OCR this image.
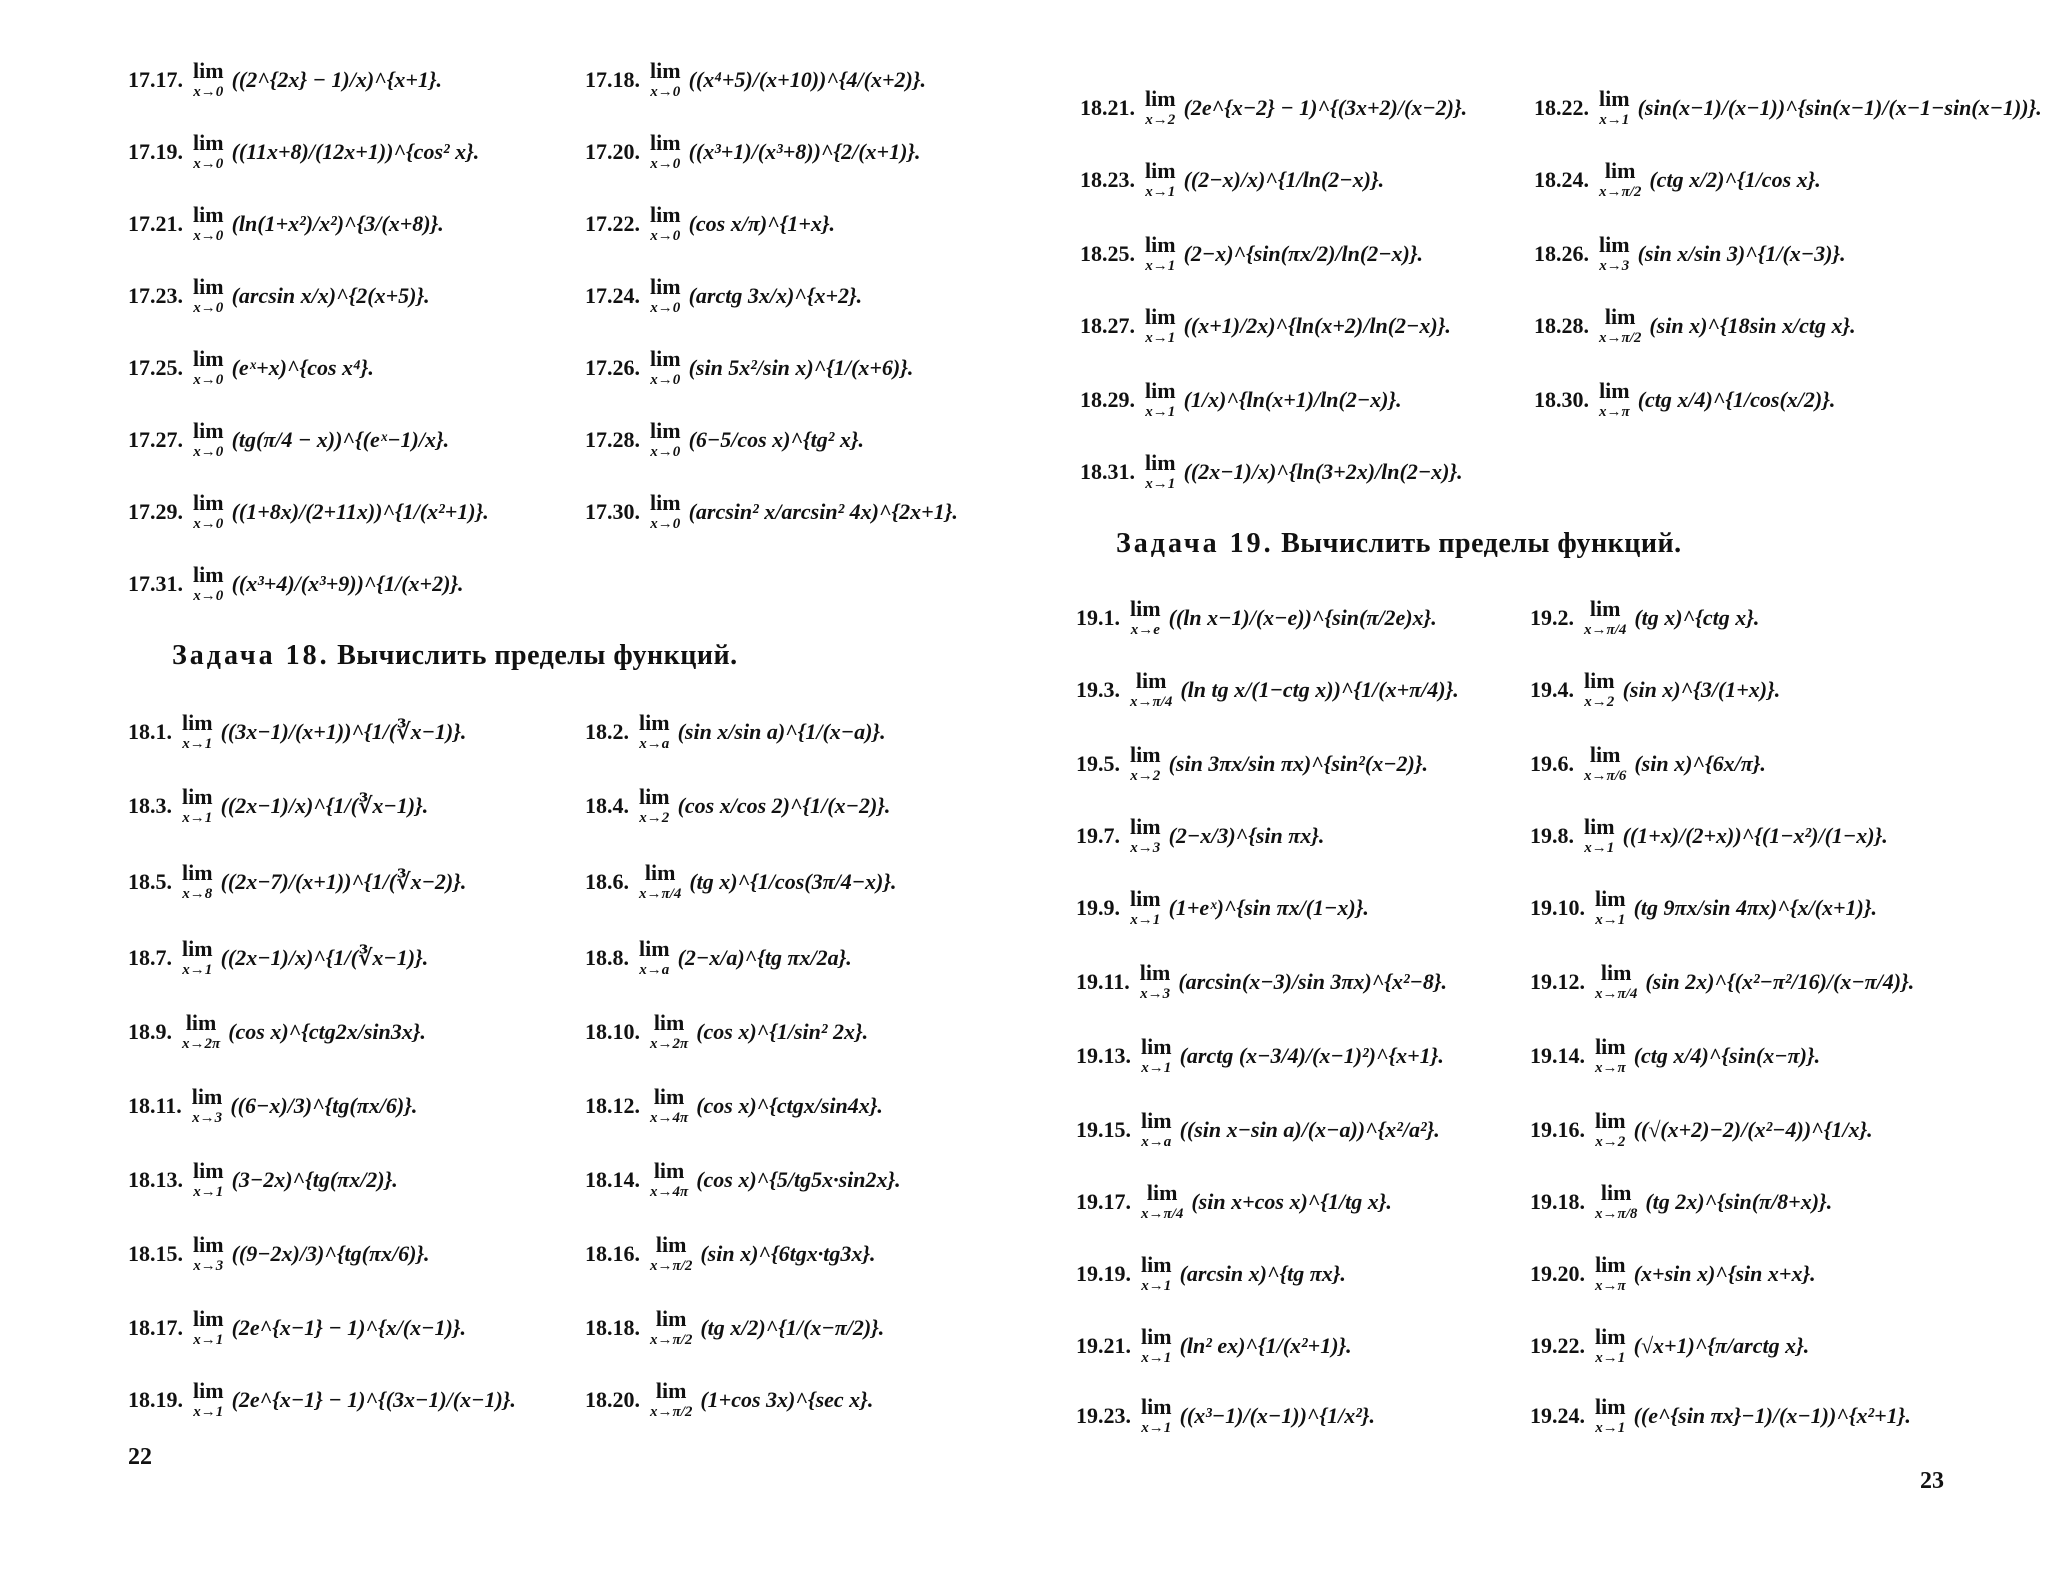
17.17. lim
x→0 ((2^{2x} − 1)/x)^{x+1}.	17.18. lim
x→0 ((x⁴+5)/(x+10))^{4/(x+2)}.
17.19. lim
x→0 ((11x+8)/(12x+1))^{cos² x}.	17.20. lim
x→0 ((x³+1)/(x³+8))^{2/(x+1)}.
17.21. lim
x→0 (ln(1+x²)/x²)^{3/(x+8)}.	17.22. lim
x→0 (cos x/π)^{1+x}.
17.23. lim
x→0 (arcsin x/x)^{2(x+5)}.	17.24. lim
x→0 (arctg 3x/x)^{x+2}.
17.25. lim
x→0 (eˣ+x)^{cos x⁴}.	17.26. lim
x→0 (sin 5x²/sin x)^{1/(x+6)}.
17.27. lim
x→0 (tg(π/4 − x))^{(eˣ−1)/x}.	17.28. lim
x→0 (6−5/cos x)^{tg² x}.
17.29. lim
x→0 ((1+8x)/(2+11x))^{1/(x²+1)}.	17.30. lim
x→0 (arcsin² x/arcsin² 4x)^{2x+1}.
17.31. lim
x→0 ((x³+4)/(x³+9))^{1/(x+2)}.
Задача 18. Вычислить пределы функций.
18.1. lim
x→1 ((3x−1)/(x+1))^{1/(∛x−1)}.	18.2. lim
x→a (sin x/sin a)^{1/(x−a)}.
18.3. lim
x→1 ((2x−1)/x)^{1/(∛x−1)}.	18.4. lim
x→2 (cos x/cos 2)^{1/(x−2)}.
18.5. lim
x→8 ((2x−7)/(x+1))^{1/(∛x−2)}.	18.6. lim
x→π/4 (tg x)^{1/cos(3π/4−x)}.
18.7. lim
x→1 ((2x−1)/x)^{1/(∛x−1)}.	18.8. lim
x→a (2−x/a)^{tg πx/2a}.
18.9. lim
x→2π (cos x)^{ctg2x/sin3x}.	18.10. lim
x→2π (cos x)^{1/sin² 2x}.
18.11. lim
x→3 ((6−x)/3)^{tg(πx/6)}.	18.12. lim
x→4π (cos x)^{ctgx/sin4x}.
18.13. lim
x→1 (3−2x)^{tg(πx/2)}.	18.14. lim
x→4π (cos x)^{5/tg5x·sin2x}.
18.15. lim
x→3 ((9−2x)/3)^{tg(πx/6)}.	18.16. lim
x→π/2 (sin x)^{6tgx·tg3x}.
18.17. lim
x→1 (2e^{x−1} − 1)^{x/(x−1)}.	18.18. lim
x→π/2 (tg x/2)^{1/(x−π/2)}.
18.19. lim
x→1 (2e^{x−1} − 1)^{(3x−1)/(x−1)}.	18.20. lim
x→π/2 (1+cos 3x)^{sec x}.
22
18.21. lim
x→2 (2e^{x−2} − 1)^{(3x+2)/(x−2)}.	18.22. lim
x→1 (sin(x−1)/(x−1))^{sin(x−1)/(x−1−sin(x−1))}.
18.23. lim
x→1 ((2−x)/x)^{1/ln(2−x)}.	18.24. lim
x→π/2 (ctg x/2)^{1/cos x}.
18.25. lim
x→1 (2−x)^{sin(πx/2)/ln(2−x)}.	18.26. lim
x→3 (sin x/sin 3)^{1/(x−3)}.
18.27. lim
x→1 ((x+1)/2x)^{ln(x+2)/ln(2−x)}.	18.28. lim
x→π/2 (sin x)^{18sin x/ctg x}.
18.29. lim
x→1 (1/x)^{ln(x+1)/ln(2−x)}.	18.30. lim
x→π (ctg x/4)^{1/cos(x/2)}.
18.31. lim
x→1 ((2x−1)/x)^{ln(3+2x)/ln(2−x)}.
Задача 19. Вычислить пределы функций.
19.1. lim
x→e ((ln x−1)/(x−e))^{sin(π/2e)x}.	19.2. lim
x→π/4 (tg x)^{ctg x}.
19.3. lim
x→π/4 (ln tg x/(1−ctg x))^{1/(x+π/4)}.	19.4. lim
x→2 (sin x)^{3/(1+x)}.
19.5. lim
x→2 (sin 3πx/sin πx)^{sin²(x−2)}.	19.6. lim
x→π/6 (sin x)^{6x/π}.
19.7. lim
x→3 (2−x/3)^{sin πx}.	19.8. lim
x→1 ((1+x)/(2+x))^{(1−x²)/(1−x)}.
19.9. lim
x→1 (1+eˣ)^{sin πx/(1−x)}.	19.10. lim
x→1 (tg 9πx/sin 4πx)^{x/(x+1)}.
19.11. lim
x→3 (arcsin(x−3)/sin 3πx)^{x²−8}.	19.12. lim
x→π/4 (sin 2x)^{(x²−π²/16)/(x−π/4)}.
19.13. lim
x→1 (arctg (x−3/4)/(x−1)²)^{x+1}.	19.14. lim
x→π (ctg x/4)^{sin(x−π)}.
19.15. lim
x→a ((sin x−sin a)/(x−a))^{x²/a²}.	19.16. lim
x→2 ((√(x+2)−2)/(x²−4))^{1/x}.
19.17. lim
x→π/4 (sin x+cos x)^{1/tg x}.	19.18. lim
x→π/8 (tg 2x)^{sin(π/8+x)}.
19.19. lim
x→1 (arcsin x)^{tg πx}.	19.20. lim
x→π (x+sin x)^{sin x+x}.
19.21. lim
x→1 (ln² ex)^{1/(x²+1)}.	19.22. lim
x→1 (√x+1)^{π/arctg x}.
19.23. lim
x→1 ((x³−1)/(x−1))^{1/x²}.	19.24. lim
x→1 ((e^{sin πx}−1)/(x−1))^{x²+1}.
23
